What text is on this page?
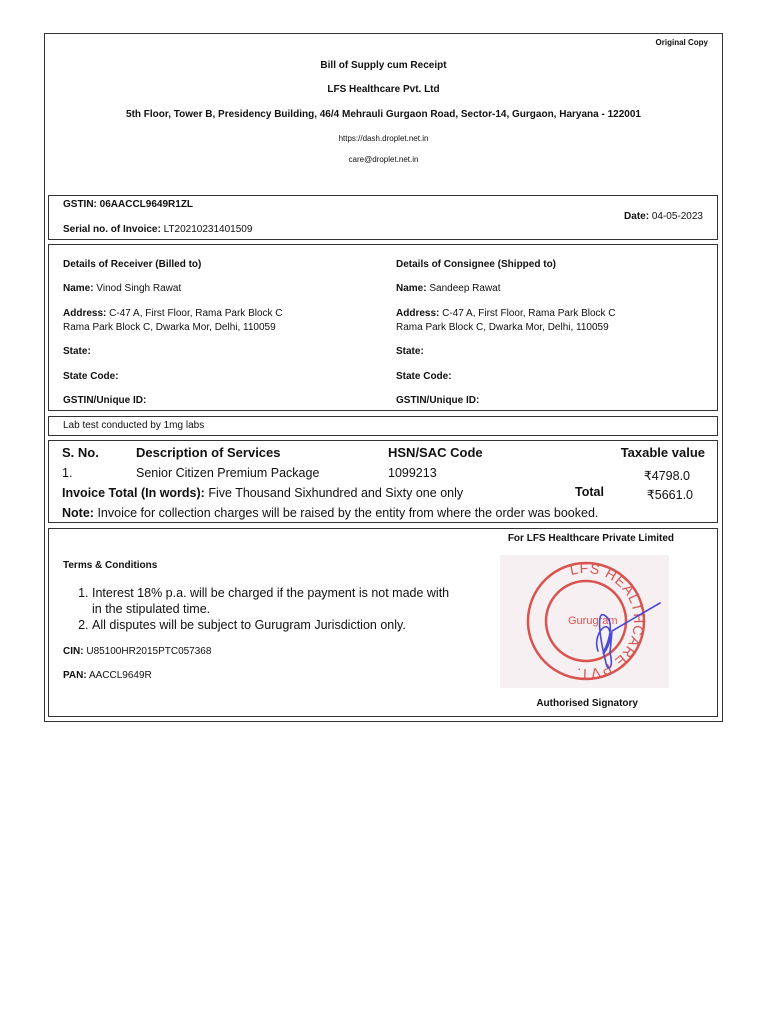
Original Copy
Bill of Supply cum Receipt
LFS Healthcare Pvt. Ltd
5th Floor, Tower B, Presidency Building, 46/4 Mehrauli Gurgaon Road, Sector-14, Gurgaon, Haryana - 122001
https://dash.droplet.net.in
care@droplet.net.in
GSTIN: 06AACCL9649R1ZL
Serial no. of Invoice: LT20210231401509
Date: 04-05-2023
Details of Receiver (Billed to)
Name: Vinod Singh Rawat
Address: C-47 A, First Floor, Rama Park Block C
Rama Park Block C, Dwarka Mor, Delhi, 110059
State:
State Code:
GSTIN/Unique ID:
Details of Consignee (Shipped to)
Name: Sandeep Rawat
Address: C-47 A, First Floor, Rama Park Block C
Rama Park Block C, Dwarka Mor, Delhi, 110059
State:
State Code:
GSTIN/Unique ID:
Lab test conducted by 1mg labs
S. No.	Description of Services	HSN/SAC Code	Taxable value
1.	Senior Citizen Premium Package	1099213	₹4798.0
Invoice Total (In words): Five Thousand Sixhundred and Sixty one only	Total	₹5661.0
Note: Invoice for collection charges will be raised by the entity from where the order was booked.
For LFS Healthcare Private Limited
Terms & Conditions
1. Interest 18% p.a. will be charged if the payment is not made with in the stipulated time.
2. All disputes will be subject to Gurugram Jurisdiction only.
CIN: U85100HR2015PTC057368
PAN: AACCL9649R
LFS HEALTHCARE PVT.
Gurugram
Authorised Signatory
